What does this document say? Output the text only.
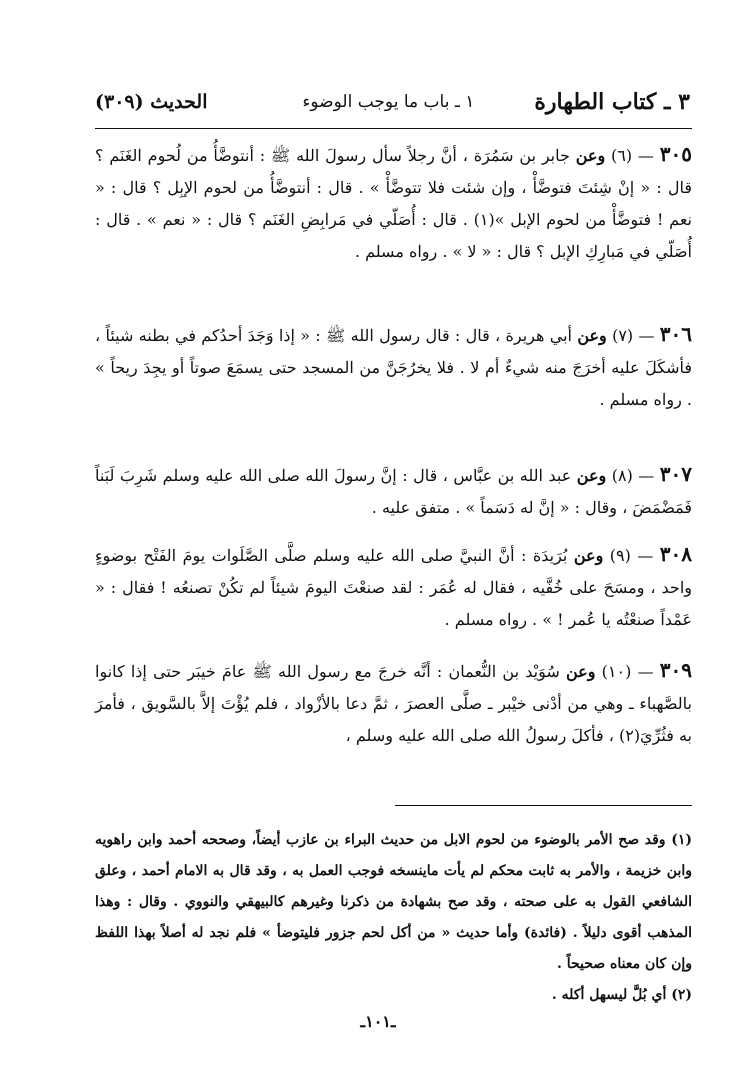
٣ ـ كتاب الطهارة
١ ـ باب ما يوجب الوضوء
الحديث (٣٠٩)

٣٠٥ — (٦) وعن جابر بن سَمُرَة ، أنَّ رجلاً سأل رسولَ الله ﷺ : أنتوضَّأُ من لُحوم الغَنَم ؟ قال : « إنْ شِئتَ فتوضَّأْ ، وإن شئت فلا تتوضَّأْ » . قال : أنتوضَّأُ من لحوم الإبِل ؟ قال : « نعم ! فتوضَّأْ من لحوم الإبل »(١) . قال : أُصَلّي في مَرابِضِ الغَنَم ؟ قال : « نعم » . قال : أُصَلّي في مَبارِكِ الإبل ؟ قال : « لا » . رواه مسلم .

٣٠٦ — (٧) وعن أبي هريرة ، قال : قال رسول الله ﷺ : « إذا وَجَدَ أحدُكم في بطنه شيئاً ، فأشكَلَ عليه أخرَجَ منه شيءٌ أم لا . فلا يخرُجَنَّ من المسجد حتى يسمَعَ صوتاً أو يجِدَ ريحاً » . رواه مسلم .

٣٠٧ — (٨) وعن عبد الله بن عبَّاس ، قال : إنَّ رسولَ الله صلى الله عليه وسلم شَرِبَ لَبَناً فَمَضْمَضَ ، وقال : « إنَّ له دَسَماً » . متفق عليه .

٣٠٨ — (٩) وعن بُرَيدَة : أنَّ النبيَّ صلى الله عليه وسلم صلَّى الصَّلَوات يومَ الفَتْح بوضوءٍ واحد ، ومسَحَ على خُفَّيه ، فقال له عُمَر : لقد صنعْتَ اليومَ شيئاً لم تكُنْ تصنعُه ! فقال : « عَمْداً صنعْتُه يا عُمر ! » . رواه مسلم .

٣٠٩ — (١٠) وعن سُوَيْد بن النُّعمان : أنَّه خرجَ مع رسول الله ﷺ عامَ خيبَر حتى إذا كانوا بالصَّهباء ـ وهي من أدْنى خيْبر ـ صلَّى العصرَ ، ثمَّ دعا بالأزْواد ، فلم يُؤْتَ إلاَّ بالسَّويق ، فأمرَ به فثُرِّيَ(٢) ، فأكلَ رسولُ الله صلى الله عليه وسلم ،

(١) وقد صح الأمر بالوضوء من لحوم الابل من حديث البراء بن عازب أيضاً، وصححه أحمد وابن راهويه وابن خزيمة ، والأمر به ثابت محكم لم يأت ماينسخه فوجب العمل به ، وقد قال به الامام أحمد ، وعلق الشافعي القول به على صحته ، وقد صح بشهادة من ذكرنا وغيرهم كالبيهقي والنووي . وقال : وهذا المذهب أقوى دليلاً . (فائدة) وأما حديث « من أكل لحم جزور فليتوضأ » فلم نجد له أصلاً بهذا اللفظ وإن كان معناه صحيحاً .

(٢) أي بُلَّ ليسهل أكله .

ـ١٠١ـ
